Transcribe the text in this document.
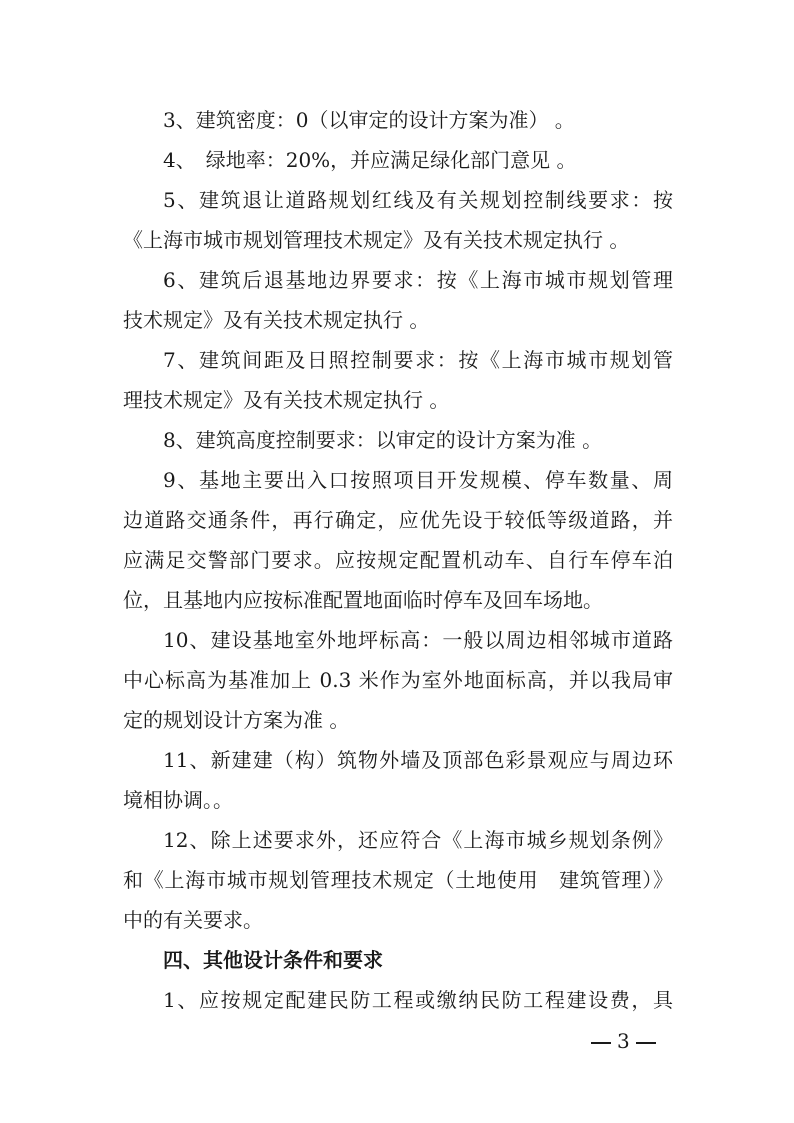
3、建筑密度：0（以审定的设计方案为准） 。
4、　绿地率：20%，并应满足绿化部门意见 。
5、建筑退让道路规划红线及有关规划控制线要求：按
《上海市城市规划管理技术规定》及有关技术规定执行 。
6、建筑后退基地边界要求：按《上海市城市规划管理
技术规定》及有关技术规定执行 。
7、建筑间距及日照控制要求：按《上海市城市规划管
理技术规定》及有关技术规定执行 。
8、建筑高度控制要求：以审定的设计方案为准 。
9、基地主要出入口按照项目开发规模、停车数量、周
边道路交通条件，再行确定，应优先设于较低等级道路，并
应满足交警部门要求。应按规定配置机动车、自行车停车泊
位，且基地内应按标准配置地面临时停车及回车场地。
10、建设基地室外地坪标高：一般以周边相邻城市道路
中心标高为基准加上 0.3 米作为室外地面标高，并以我局审
定的规划设计方案为准 。
11、新建建（构）筑物外墙及顶部色彩景观应与周边环
境相协调。。
12、除上述要求外，还应符合《上海市城乡规划条例》
和《上海市城市规划管理技术规定（土地使用　建筑管理）》
中的有关要求。
四、其他设计条件和要求
1、应按规定配建民防工程或缴纳民防工程建设费，具
3
